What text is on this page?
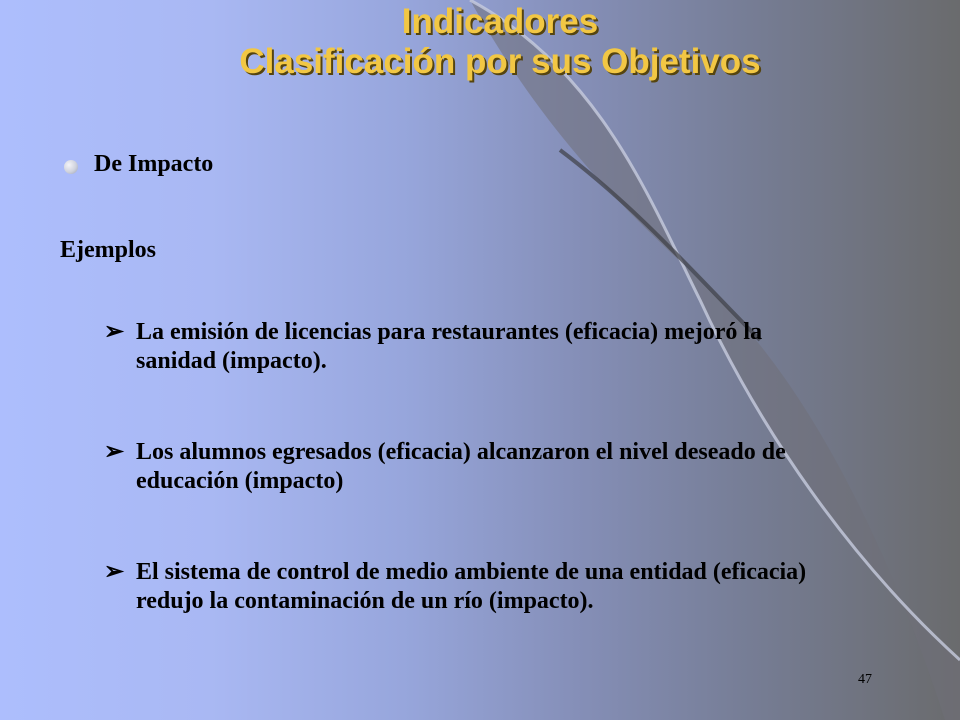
Indicadores
Clasificación por sus Objetivos
De Impacto
Ejemplos
➢ La emisión de licencias para restaurantes (eficacia) mejoró la sanidad (impacto).
➢ Los alumnos egresados (eficacia) alcanzaron el nivel deseado de educación (impacto)
➢ El sistema de control de medio ambiente de una entidad (eficacia) redujo la contaminación de un río (impacto).
47
